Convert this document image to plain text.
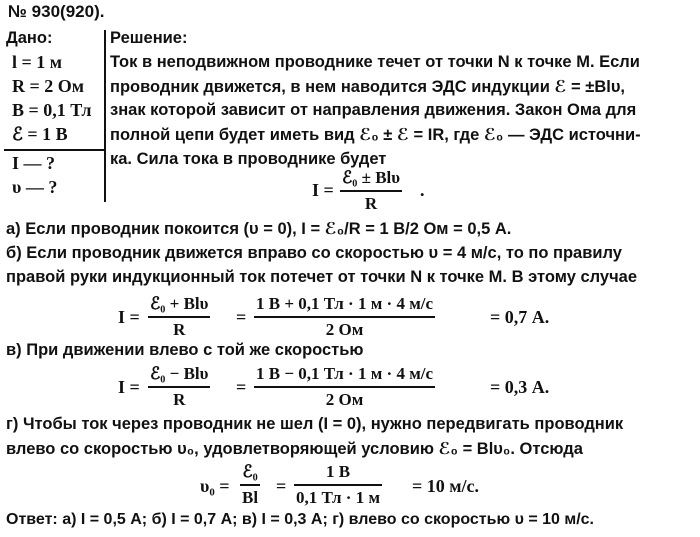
№ 930(920).
Дано:
l = 1 м
R = 2 Ом
B = 0,1 Тл
ℰ = 1 В
I — ?
υ — ?
Решение:
Ток в неподвижном проводнике течет от точки N к точке M. Если
проводник движется, в нем наводится ЭДС индукции ℰ = ±Blυ,
знак которой зависит от направления движения. Закон Ома для
полной цепи будет иметь вид ℰ₀ ± ℰ = IR, где ℰ₀ — ЭДС источни-
ка. Сила тока в проводнике будет
I =
ℰ₀ ± Blυ
R
.
а) Если проводник покоится (υ = 0), I = ℰ₀/R = 1 В/2 Ом = 0,5 А.
б) Если проводник движется вправо со скоростью υ = 4 м/с, то по правилу
правой руки индукционный ток потечет от точки N к точке M. В этому случае
I =
ℰ₀ + Blυ
R
=
1 В + 0,1 Тл · 1 м · 4 м/с
2 Ом
= 0,7 А.
в) При движении влево с той же скоростью
I =
ℰ₀ − Blυ
R
=
1 В − 0,1 Тл · 1 м · 4 м/с
2 Ом
= 0,3 А.
г) Чтобы ток через проводник не шел (I = 0), нужно передвигать проводник
влево со скоростью υ₀, удовлетворяющей условию ℰ₀ = Blυ₀. Отсюда
υ₀ =
ℰ₀
Bl
=
1 В
0,1 Тл · 1 м
= 10 м/с.
Ответ: а) I = 0,5 А; б) I = 0,7 А; в) I = 0,3 А; г) влево со скоростью υ = 10 м/с.
